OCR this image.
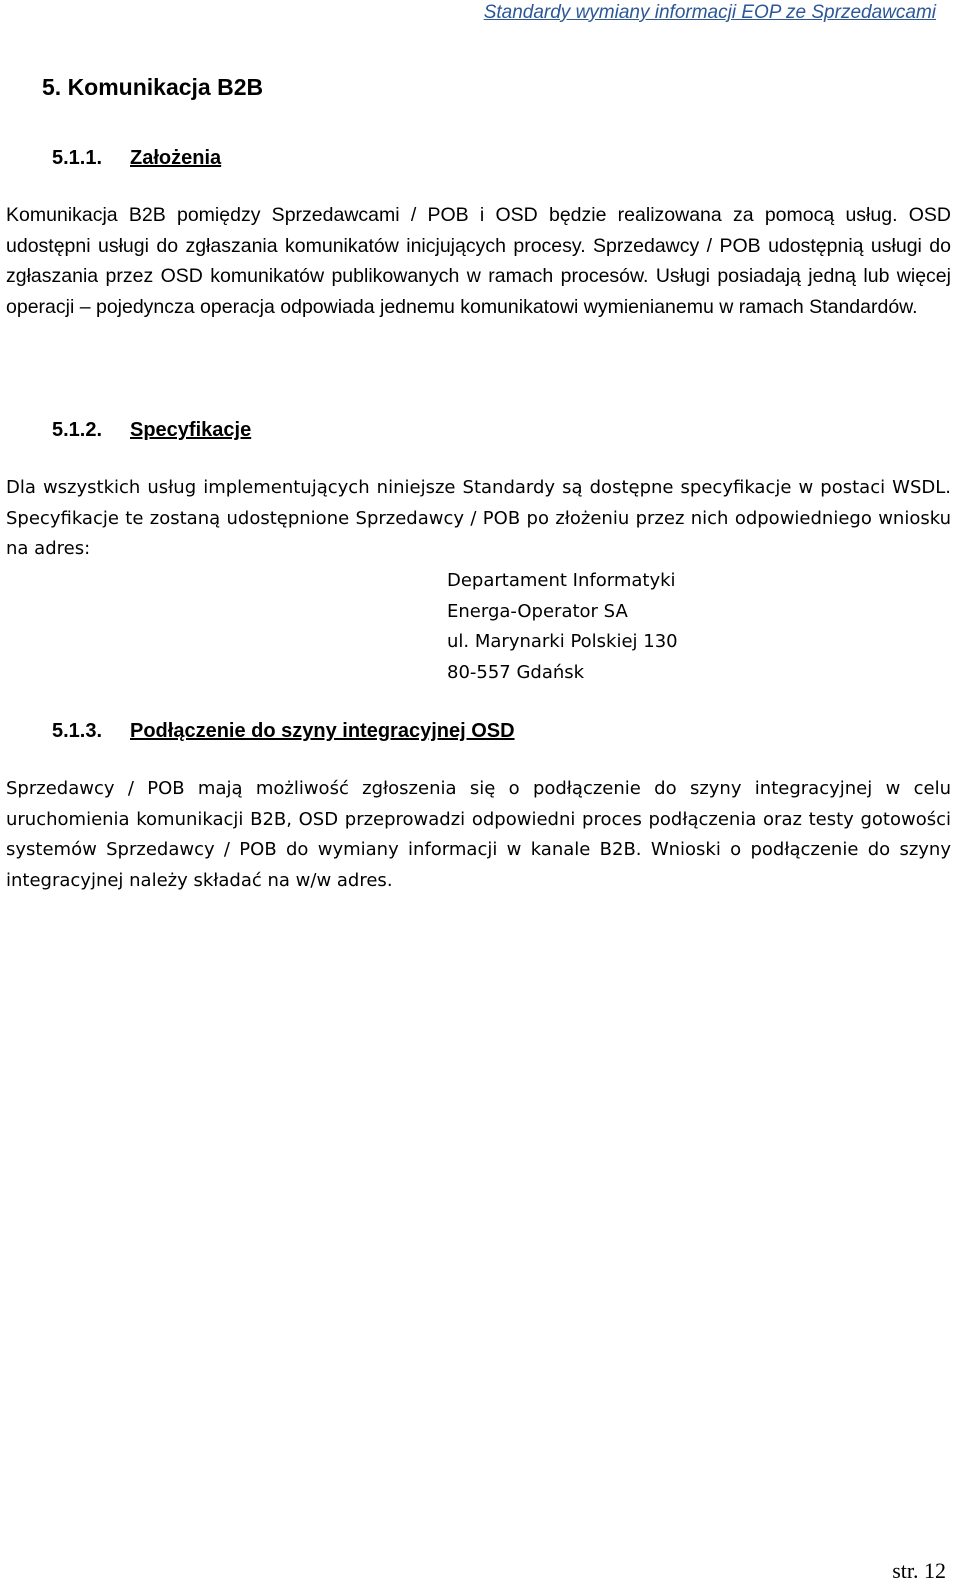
Standardy wymiany informacji EOP ze Sprzedawcami
5. Komunikacja B2B
5.1.1. Założenia

Komunikacja B2B pomiędzy Sprzedawcami / POB i OSD będzie realizowana za pomocą usług. OSD udostępni usługi do zgłaszania komunikatów inicjujących procesy. Sprzedawcy / POB udostępnią usługi do zgłaszania przez OSD komunikatów publikowanych w ramach procesów. Usługi posiadają jedną lub więcej operacji – pojedyncza operacja odpowiada jednemu komunikatowi wymienianemu w ramach Standardów.

5.1.2. Specyfikacje

Dla wszystkich usług implementujących niniejsze Standardy są dostępne specyfikacje w postaci WSDL. Specyfikacje te zostaną udostępnione Sprzedawcy / POB po złożeniu przez nich odpowiedniego wniosku na adres:

Departament Informatyki
Energa-Operator SA
ul. Marynarki Polskiej 130
80-557 Gdańsk
5.1.3. Podłączenie do szyny integracyjnej OSD

Sprzedawcy / POB mają możliwość zgłoszenia się o podłączenie do szyny integracyjnej w celu uruchomienia komunikacji B2B, OSD przeprowadzi odpowiedni proces podłączenia oraz testy gotowości systemów Sprzedawcy / POB do wymiany informacji w kanale B2B. Wnioski o podłączenie do szyny integracyjnej należy składać na w/w adres.

str. 12
